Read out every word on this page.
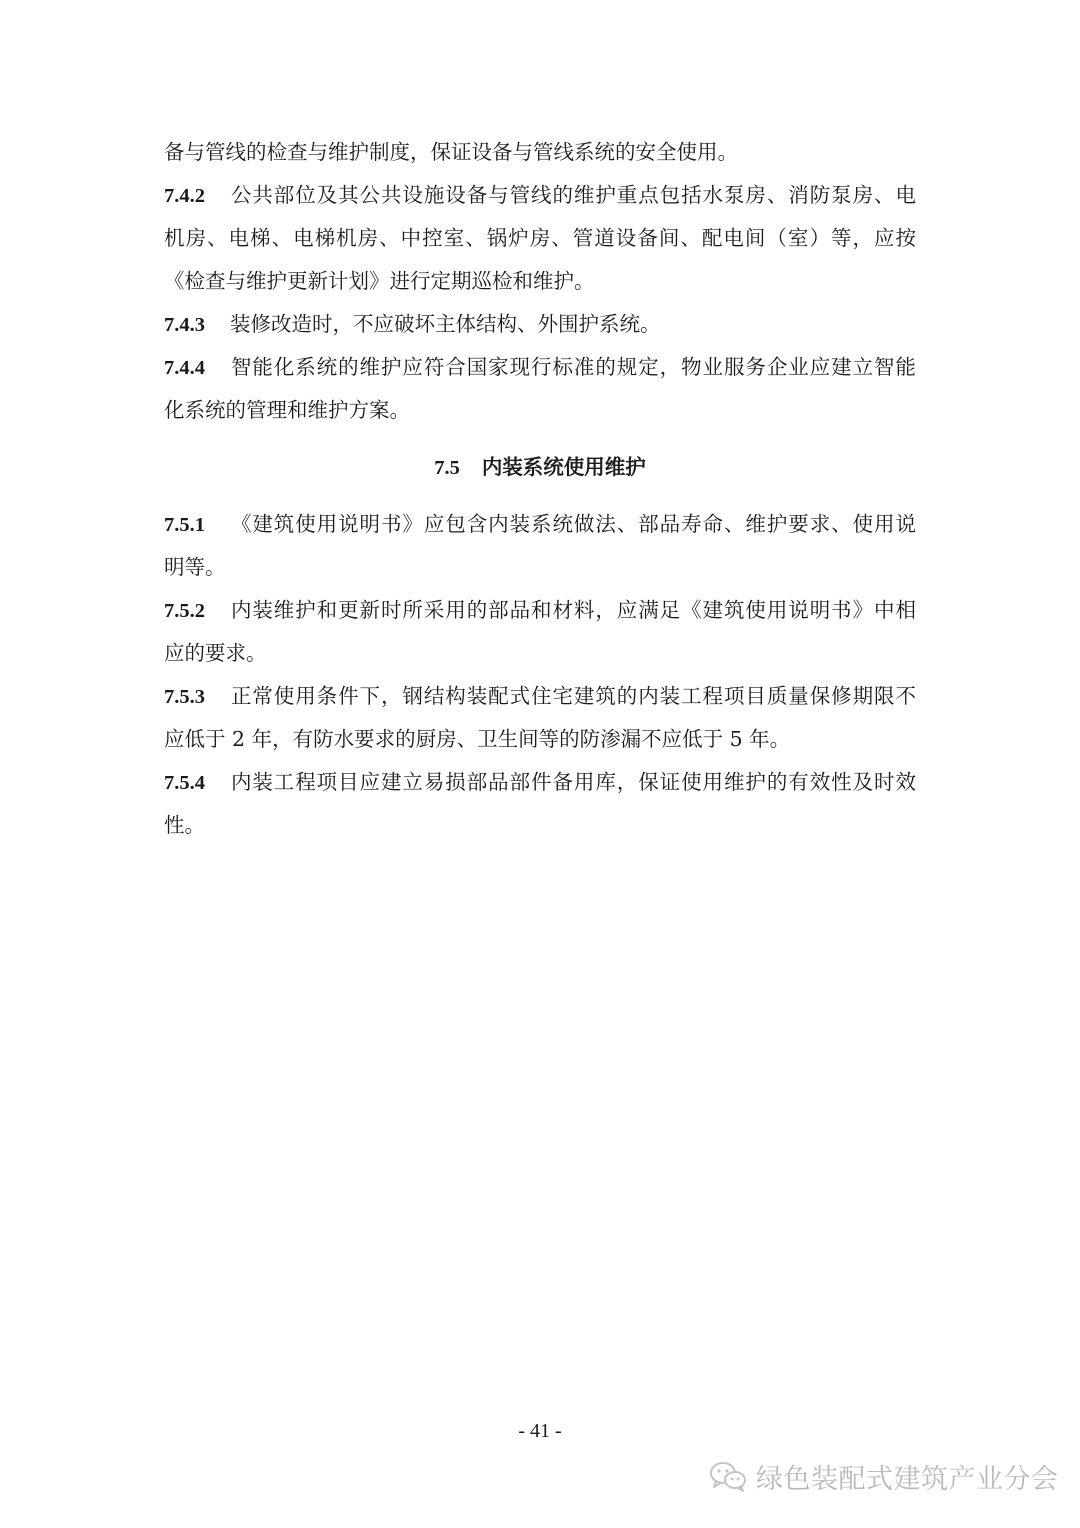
备与管线的检查与维护制度，保证设备与管线系统的安全使用。
7.4.2 公共部位及其公共设施设备与管线的维护重点包括水泵房、消防泵房、电
机房、电梯、电梯机房、中控室、锅炉房、管道设备间、配电间（室）等，应按
《检查与维护更新计划》进行定期巡检和维护。
7.4.3 装修改造时，不应破坏主体结构、外围护系统。
7.4.4 智能化系统的维护应符合国家现行标准的规定，物业服务企业应建立智能
化系统的管理和维护方案。
7.5 内装系统使用维护
7.5.1 《建筑使用说明书》应包含内装系统做法、部品寿命、维护要求、使用说
明等。
7.5.2 内装维护和更新时所采用的部品和材料，应满足《建筑使用说明书》中相
应的要求。
7.5.3 正常使用条件下，钢结构装配式住宅建筑的内装工程项目质量保修期限不
应低于 2 年，有防水要求的厨房、卫生间等的防渗漏不应低于 5 年。
7.5.4 内装工程项目应建立易损部品部件备用库，保证使用维护的有效性及时效
性。
- 41 -
绿色装配式建筑产业分会
